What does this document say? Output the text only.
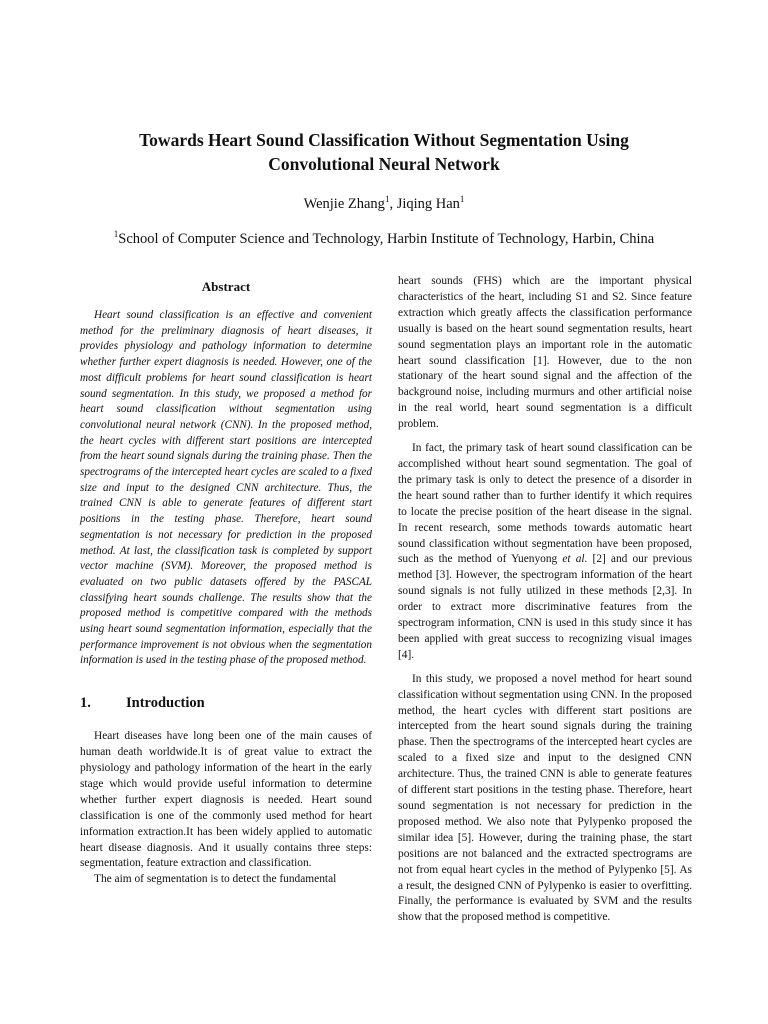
Towards Heart Sound Classification Without Segmentation Using
Convolutional Neural Network
Wenjie Zhang$^1$, Jiqing Han$^1$
$^1$School of Computer Science and Technology, Harbin Institute of Technology, Harbin, China
Abstract

Heart sound classification is an effective and convenient method for the preliminary diagnosis of heart diseases, it provides physiology and pathology information to determine whether further expert diagnosis is needed. However, one of the most difficult problems for heart sound classification is heart sound segmentation. In this study, we proposed a method for heart sound classification without segmentation using convolutional neural network (CNN). In the proposed method, the heart cycles with different start positions are intercepted from the heart sound signals during the training phase. Then the spectrograms of the intercepted heart cycles are scaled to a fixed size and input to the designed CNN architecture. Thus, the trained CNN is able to generate features of different start positions in the testing phase. Therefore, heart sound segmentation is not necessary for prediction in the proposed method. At last, the classification task is completed by support vector machine (SVM). Moreover, the proposed method is evaluated on two public datasets offered by the PASCAL classifying heart sounds challenge. The results show that the proposed method is competitive compared with the methods using heart sound segmentation information, especially that the performance improvement is not obvious when the segmentation information is used in the testing phase of the proposed method.

1.	Introduction

Heart diseases have long been one of the main causes of human death worldwide.It is of great value to extract the physiology and pathology information of the heart in the early stage which would provide useful information to determine whether further expert diagnosis is needed. Heart sound classification is one of the commonly used method for heart information extraction.It has been widely applied to automatic heart disease diagnosis. And it usually contains three steps: segmentation, feature extraction and classification.

The aim of segmentation is to detect the fundamental

heart sounds (FHS) which are the important physical characteristics of the heart, including S1 and S2. Since feature extraction which greatly affects the classification performance usually is based on the heart sound segmentation results, heart sound segmentation plays an important role in the automatic heart sound classification [1]. However, due to the non stationary of the heart sound signal and the affection of the background noise, including murmurs and other artificial noise in the real world, heart sound segmentation is a difficult problem.

In fact, the primary task of heart sound classification can be accomplished without heart sound segmentation. The goal of the primary task is only to detect the presence of a disorder in the heart sound rather than to further identify it which requires to locate the precise position of the heart disease in the signal. In recent research, some methods towards automatic heart sound classification without segmentation have been proposed, such as the method of Yuenyong et al. [2] and our previous method [3]. However, the spectrogram information of the heart sound signals is not fully utilized in these methods [2,3]. In order to extract more discriminative features from the spectrogram information, CNN is used in this study since it has been applied with great success to recognizing visual images [4].

In this study, we proposed a novel method for heart sound classification without segmentation using CNN. In the proposed method, the heart cycles with different start positions are intercepted from the heart sound signals during the training phase. Then the spectrograms of the intercepted heart cycles are scaled to a fixed size and input to the designed CNN architecture. Thus, the trained CNN is able to generate features of different start positions in the testing phase. Therefore, heart sound segmentation is not necessary for prediction in the proposed method. We also note that Pylypenko proposed the similar idea [5]. However, during the training phase, the start positions are not balanced and the extracted spectrograms are not from equal heart cycles in the method of Pylypenko [5]. As a result, the designed CNN of Pylypenko is easier to overfitting. Finally, the performance is evaluated by SVM and the results show that the proposed method is competitive.
